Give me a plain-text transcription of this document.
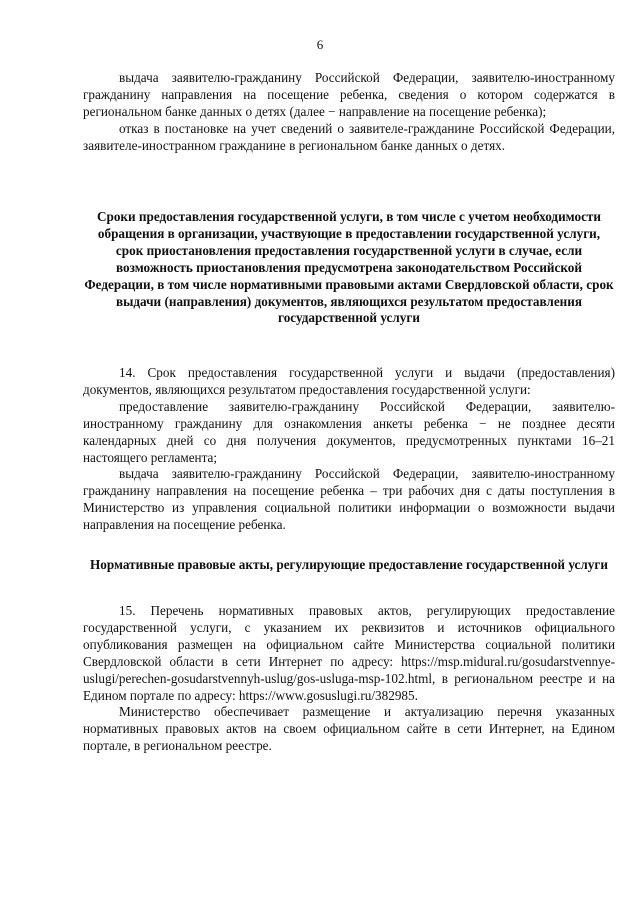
6

выдача заявителю-гражданину Российской Федерации, заявителю-иностранному гражданину направления на посещение ребенка, сведения о котором содержатся в региональном банке данных о детях (далее − направление на посещение ребенка);

отказ в постановке на учет сведений о заявителе-гражданине Российской Федерации, заявителе-иностранном гражданине в региональном банке данных о детях.

Сроки предоставления государственной услуги, в том числе с учетом необходимости обращения в организации, участвующие в предоставлении государственной услуги, срок приостановления предоставления государственной услуги в случае, если возможность приостановления предусмотрена законодательством Российской Федерации, в том числе нормативными правовыми актами Свердловской области, срок выдачи (направления) документов, являющихся результатом предоставления государственной услуги

14. Срок предоставления государственной услуги и выдачи (предоставления) документов, являющихся результатом предоставления государственной услуги:

предоставление заявителю-гражданину Российской Федерации, заявителю-иностранному гражданину для ознакомления анкеты ребенка − не позднее десяти календарных дней со дня получения документов, предусмотренных пунктами 16–21 настоящего регламента;

выдача заявителю-гражданину Российской Федерации, заявителю-иностранному гражданину направления на посещение ребенка – три рабочих дня с даты поступления в Министерство из управления социальной политики информации о возможности выдачи направления на посещение ребенка.

Нормативные правовые акты, регулирующие предоставление государственной услуги

15. Перечень нормативных правовых актов, регулирующих предоставление государственной услуги, с указанием их реквизитов и источников официального опубликования размещен на официальном сайте Министерства социальной политики Свердловской области в сети Интернет по адресу: https://msp.midural.ru/gosudarstvennye-uslugi/perechen-gosudarstvennyh-uslug/gos-usluga-msp-102.html, в региональном реестре и на Едином портале по адресу: https://www.gosuslugi.ru/382985.

Министерство обеспечивает размещение и актуализацию перечня указанных нормативных правовых актов на своем официальном сайте в сети Интернет, на Едином портале, в региональном реестре.
